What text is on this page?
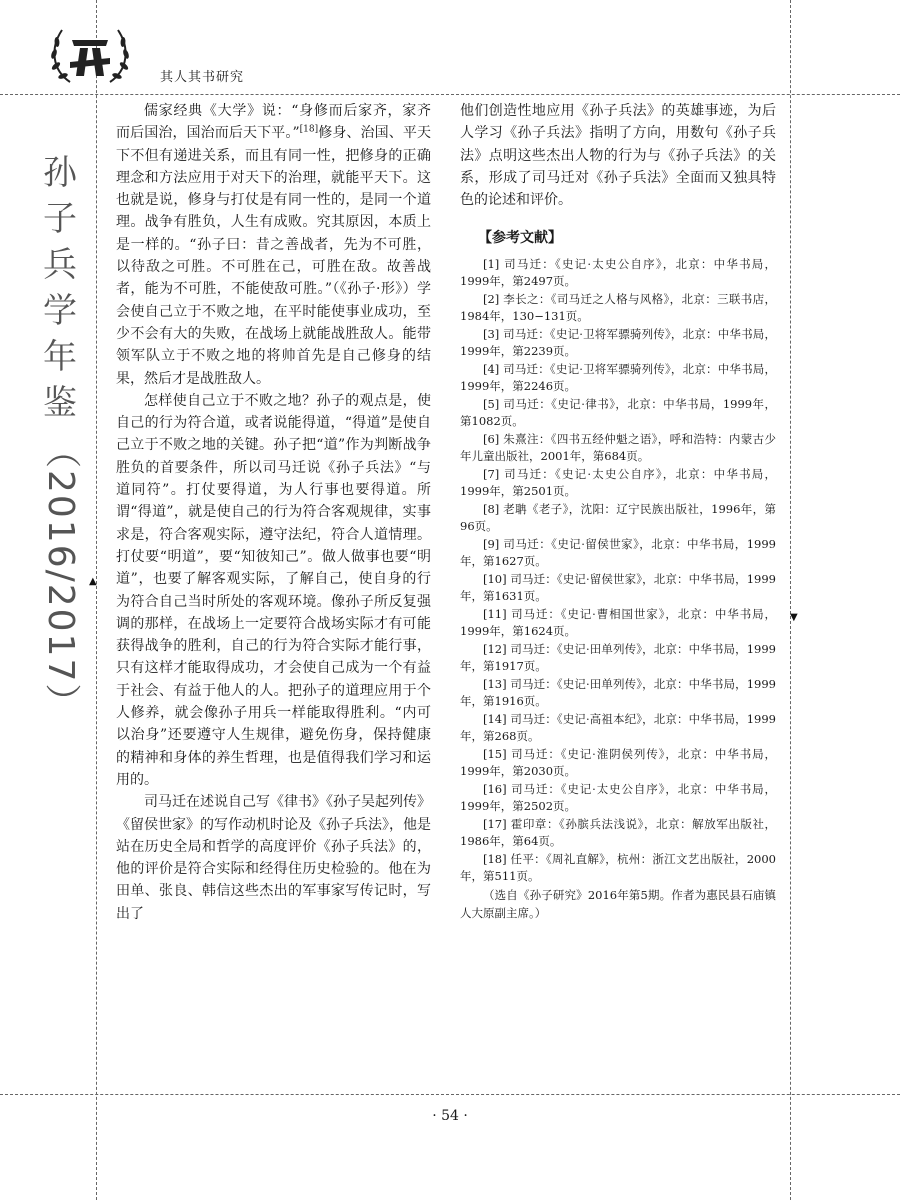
其人其书研究
孙
子
兵
学
年
鉴
（2016/2017） ▲
▼

儒家经典《大学》说：“身修而后家齐，家齐而后国治，国治而后天下平。”[18]修身、治国、平天下不但有递进关系，而且有同一性，把修身的正确理念和方法应用于对天下的治理，就能平天下。这也就是说，修身与打仗是有同一性的，是同一个道理。战争有胜负，人生有成败。究其原因，本质上是一样的。“孙子曰：昔之善战者，先为不可胜，以待敌之可胜。不可胜在己，可胜在敌。故善战者，能为不可胜，不能使敌可胜。”（《孙子·形》）学会使自己立于不败之地，在平时能使事业成功，至少不会有大的失败，在战场上就能战胜敌人。能带领军队立于不败之地的将帅首先是自己修身的结果，然后才是战胜敌人。

怎样使自己立于不败之地？孙子的观点是，使自己的行为符合道，或者说能得道，“得道”是使自己立于不败之地的关键。孙子把“道”作为判断战争胜负的首要条件，所以司马迁说《孙子兵法》“与道同符”。打仗要得道，为人行事也要得道。所谓“得道”，就是使自己的行为符合客观规律，实事求是，符合客观实际，遵守法纪，符合人道情理。打仗要“明道”，要“知彼知己”。做人做事也要“明道”，也要了解客观实际，了解自己，使自身的行为符合自己当时所处的客观环境。像孙子所反复强调的那样，在战场上一定要符合战场实际才有可能获得战争的胜利，自己的行为符合实际才能行事，只有这样才能取得成功，才会使自己成为一个有益于社会、有益于他人的人。把孙子的道理应用于个人修养，就会像孙子用兵一样能取得胜利。“内可以治身”还要遵守人生规律，避免伤身，保持健康的精神和身体的养生哲理，也是值得我们学习和运用的。

司马迁在述说自己写《律书》《孙子吴起列传》《留侯世家》的写作动机时论及《孙子兵法》，他是站在历史全局和哲学的高度评价《孙子兵法》的，他的评价是符合实际和经得住历史检验的。他在为田单、张良、韩信这些杰出的军事家写传记时，写出了

他们创造性地应用《孙子兵法》的英雄事迹，为后人学习《孙子兵法》指明了方向，用数句《孙子兵法》点明这些杰出人物的行为与《孙子兵法》的关系，形成了司马迁对《孙子兵法》全面而又独具特色的论述和评价。

【参考文献】

[1] 司马迁：《史记·太史公自序》，北京：中华书局，1999年，第2497页。

[2] 李长之：《司马迁之人格与风格》，北京：三联书店，1984年，130−131页。

[3] 司马迁：《史记·卫将军骠骑列传》，北京：中华书局，1999年，第2239页。

[4] 司马迁：《史记·卫将军骠骑列传》，北京：中华书局，1999年，第2246页。

[5] 司马迁：《史记·律书》，北京：中华书局，1999年，第1082页。

[6] 朱熹注：《四书五经仲魁之语》，呼和浩特：内蒙古少年儿童出版社，2001年，第684页。

[7] 司马迁：《史记·太史公自序》，北京：中华书局，1999年，第2501页。

[8] 老聃《老子》，沈阳：辽宁民族出版社，1996年，第96页。

[9] 司马迁：《史记·留侯世家》，北京：中华书局，1999年，第1627页。

[10] 司马迁：《史记·留侯世家》，北京：中华书局，1999年，第1631页。

[11] 司马迁：《史记·曹相国世家》，北京：中华书局，1999年，第1624页。

[12] 司马迁：《史记·田单列传》，北京：中华书局，1999年，第1917页。

[13] 司马迁：《史记·田单列传》，北京：中华书局，1999年，第1916页。

[14] 司马迁：《史记·高祖本纪》，北京：中华书局，1999年，第268页。

[15] 司马迁：《史记·淮阴侯列传》，北京：中华书局，1999年，第2030页。

[16] 司马迁：《史记·太史公自序》，北京：中华书局，1999年，第2502页。

[17] 霍印章：《孙膑兵法浅说》，北京：解放军出版社，1986年，第64页。

[18] 任平：《周礼直解》，杭州：浙江文艺出版社，2000年，第511页。

（选自《孙子研究》2016年第5期。作者为惠民县石庙镇人大原副主席。）

· 54 ·
